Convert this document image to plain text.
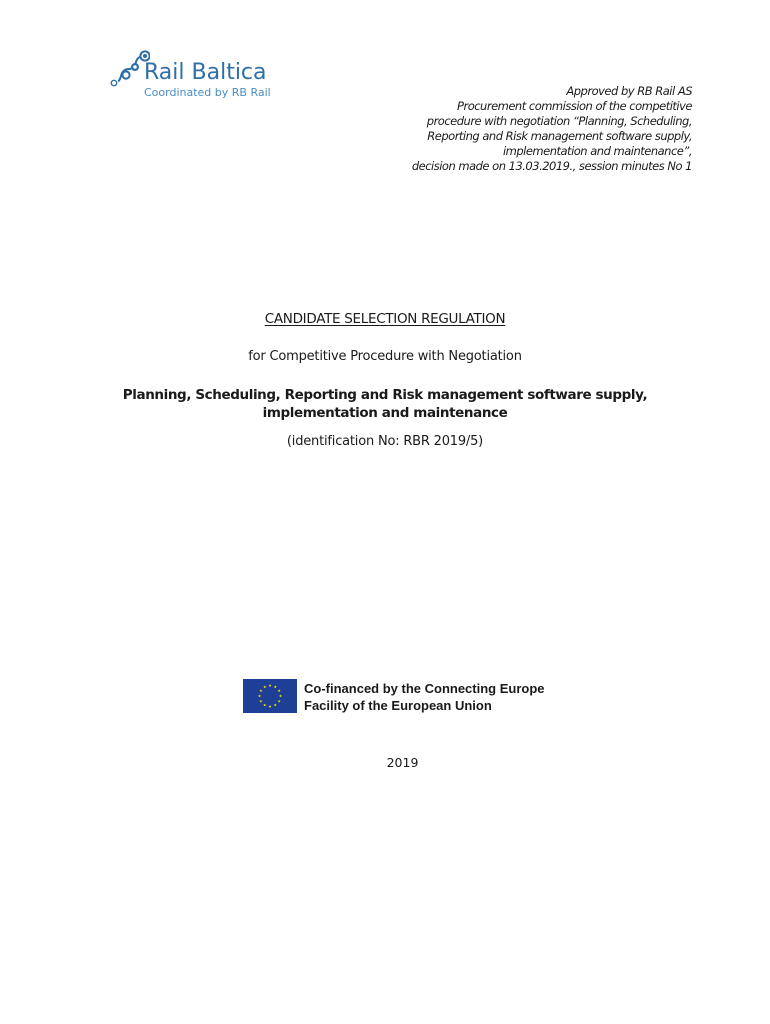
Rail Baltica
Coordinated by RB Rail	Approved by RB Rail AS
Procurement commission of the competitive
procedure with negotiation “Planning, Scheduling,
Reporting and Risk management software supply,
implementation and maintenance”,
decision made on 13.03.2019., session minutes No 1
CANDIDATE SELECTION REGULATION
for Competitive Procedure with Negotiation
Planning, Scheduling, Reporting and Risk management software supply,
implementation and maintenance
(identification No: RBR 2019/5)
Co-financed by the Connecting Europe
Facility of the European Union
2019
